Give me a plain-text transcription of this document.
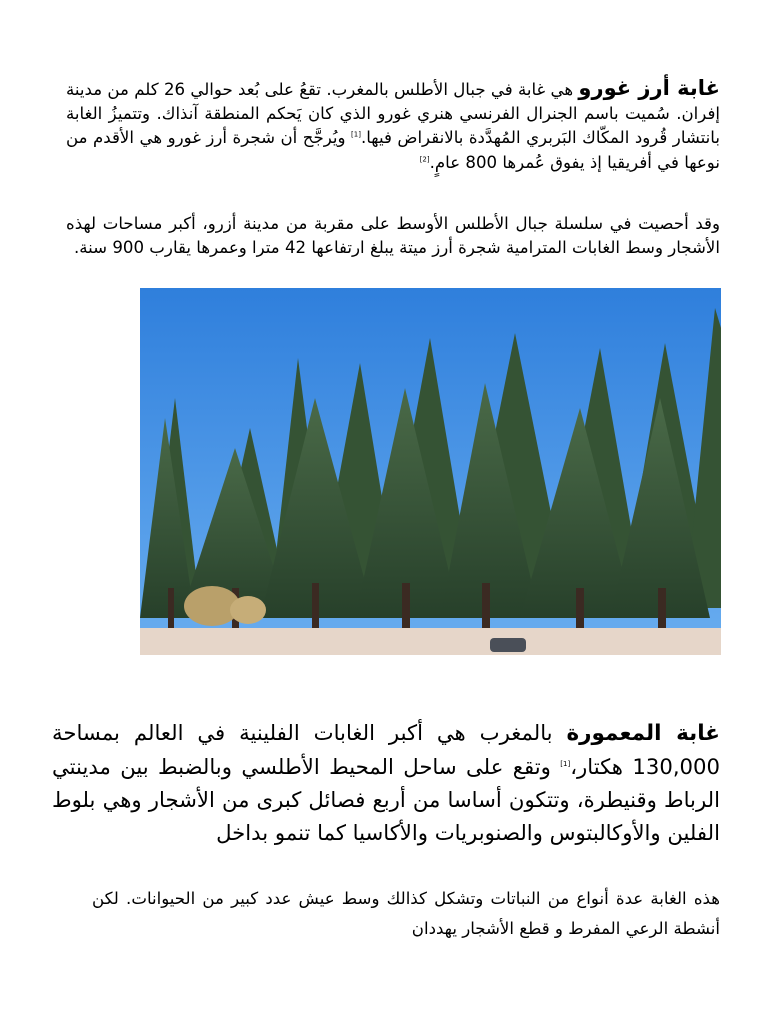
غابة أرز غورو هي غابة في جبال الأطلس بالمغرب. تقعُ على بُعد حوالي 26 كلم من مدينة إفران. سُميت باسم الجنرال الفرنسي هنري غورو الذي كان يَحكم المنطقة آنذاك. وتتميزُ الغابة بانتشار قُرود المكّاك البَربري المُهدَّدة بالانقراض فيها.[1] ويُرجَّح أن شجرة أرز غورو هي الأقدم من نوعها في أفريقيا إذ يفوق عُمرها 800 عامٍ.[2]

وقد أحصيت في سلسلة جبال الأطلس الأوسط على مقربة من مدينة أزرو، أكبر مساحات لهذه الأشجار وسط الغابات المترامية شجرة أرز ميتة يبلغ ارتفاعها 42 مترا وعمرها يقارب 900 سنة.

غابة المعمورة بالمغرب هي أكبر الغابات الفلينية في العالم بمساحة 130,000 هكتار،[1] وتقع على ساحل المحيط الأطلسي وبالضبط بين مدينتي الرباط وقنيطرة، وتتكون أساسا من أربع فصائل كبرى من الأشجار وهي بلوط الفلين والأوكالبتوس والصنوبريات والأكاسيا كما تنمو بداخل

هذه الغابة عدة أنواع من النباتات وتشكل كذالك وسط عيش عدد كبير من الحيوانات. لكن أنشطة الرعي المفرط و قطع الأشجار يهددان
